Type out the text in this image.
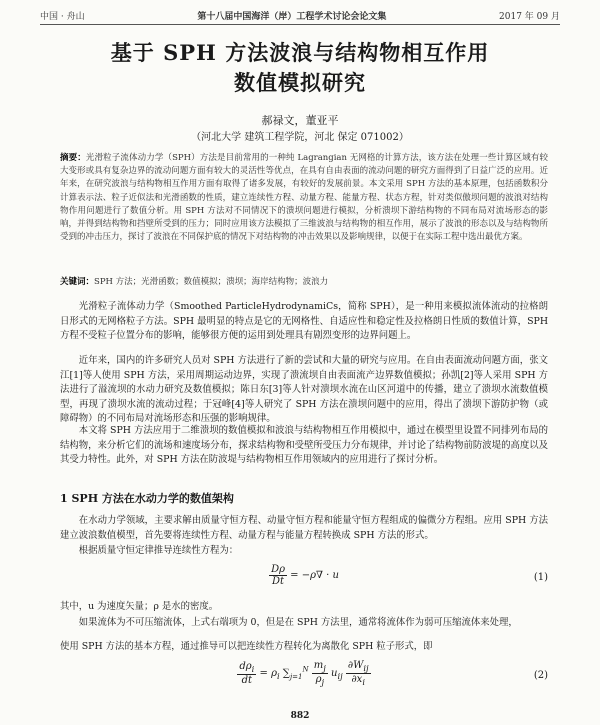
中国 · 舟山	第十八届中国海洋（岸）工程学术讨论会论文集	2017 年 09 月
基于 SPH 方法波浪与结构物相互作用
数值模拟研究
郝禄文，董亚平
（河北大学 建筑工程学院，河北 保定 071002）
摘要：光滑粒子流体动力学（SPH）方法是目前常用的一种纯 Lagrangian 无网格的计算方法，该方法在处理一些计算区域有较大变形或具有复杂边界的流动问题方面有较大的灵活性等优点，在具有自由表面的流动问题的研究方面得到了日益广泛的应用。近年来，在研究波浪与结构物相互作用方面有取得了诸多发展，有较好的发展前景。本文采用 SPH 方法的基本原理，包括函数积分计算表示法、粒子近似法和光滑函数的性质，建立连续性方程、动量方程、能量方程、状态方程，针对类似傲坝问题的波浪对结构物作用问题进行了数值分析。用 SPH 方法对不同情况下的溃坝问题进行模拟，分析溃坝下游结构物的不同布局对流场形态的影响，并得到结构物和挡壁所受到的压力；同时应用该方法模拟了三维波浪与结构物的相互作用，展示了波浪的形态以及与结构物所受到的冲击压力，探讨了波浪在不同保护底的情况下对结构物的冲击效果以及影响规律，以便于在实际工程中选出最优方案。
关键词：SPH 方法；光滑函数；数值模拟；溃坝；海岸结构物；波浪力
光滑粒子流体动力学（Smoothed ParticleHydrodynamiCs，简称 SPH），是一种用来模拟流体流动的拉格朗日形式的无网格粒子方法。SPH 最明显的特点是它的无网格性、自适应性和稳定性及拉格朗日性质的数值计算，SPH 方程不受粒子位置分布的影响，能够很方便的运用到处理具有剧烈变形的边界问题上。
近年来，国内的许多研究人员对 SPH 方法进行了新的尝试和大量的研究与应用。在自由表面流动问题方面，张文江[1]等人使用 SPH 方法，采用周期运动边界，实现了溃流坝自由表面流产边界数值模拟；孙凯[2]等人采用 SPH 方法进行了溢流坝的水动力研究及数值模拟；陈日东[3]等人针对溃坝水流在山区河道中的传播，建立了溃坝水流数值模型，再现了溃坝水流的流动过程；于冠峰[4]等人研究了 SPH 方法在溃坝问题中的应用，得出了溃坝下游防护物（或障碍物）的不同布局对流场形态和压强的影响规律。
本文将 SPH 方法应用于二维溃坝的数值模拟和波浪与结构物相互作用模拟中，通过在模型里设置不同排列布局的结构物，来分析它们的流场和速度场分布，探求结构物和受壁所受压力分布规律，并讨论了结构物前防波堤的高度以及其受力特性。此外，对 SPH 方法在防波堤与结构物相互作用领域内的应用进行了探讨分析。
1 SPH 方法在水动力学的数值架构
在水动力学领域，主要求解由质量守恒方程、动量守恒方程和能量守恒方程组成的偏微分方程组。应用 SPH 方法建立波浪数值模型，首先要将连续性方程、动量方程与能量方程转换成 SPH 方法的形式。
根据质量守恒定律推导连续性方程为：
$\frac{D\rho}{Dt} = -\rho\nabla \cdot u$	(1)
其中，u 为速度矢量；ρ 是水的密度。
如果流体为不可压缩流体，上式右端项为 0，但是在 SPH 方法里，通常将流体作为弱可压缩流体来处理，
使用 SPH 方法的基本方程，通过推导可以把连续性方程转化为离散化 SPH 粒子形式，即
$\frac{d\rho_i}{dt} = \rho_i$ $\sum_{j=1}^N \frac{m_j}{\rho_j} u_{ij} \frac{\partial W_{ij}}{\partial x_i}$	(2)
882
